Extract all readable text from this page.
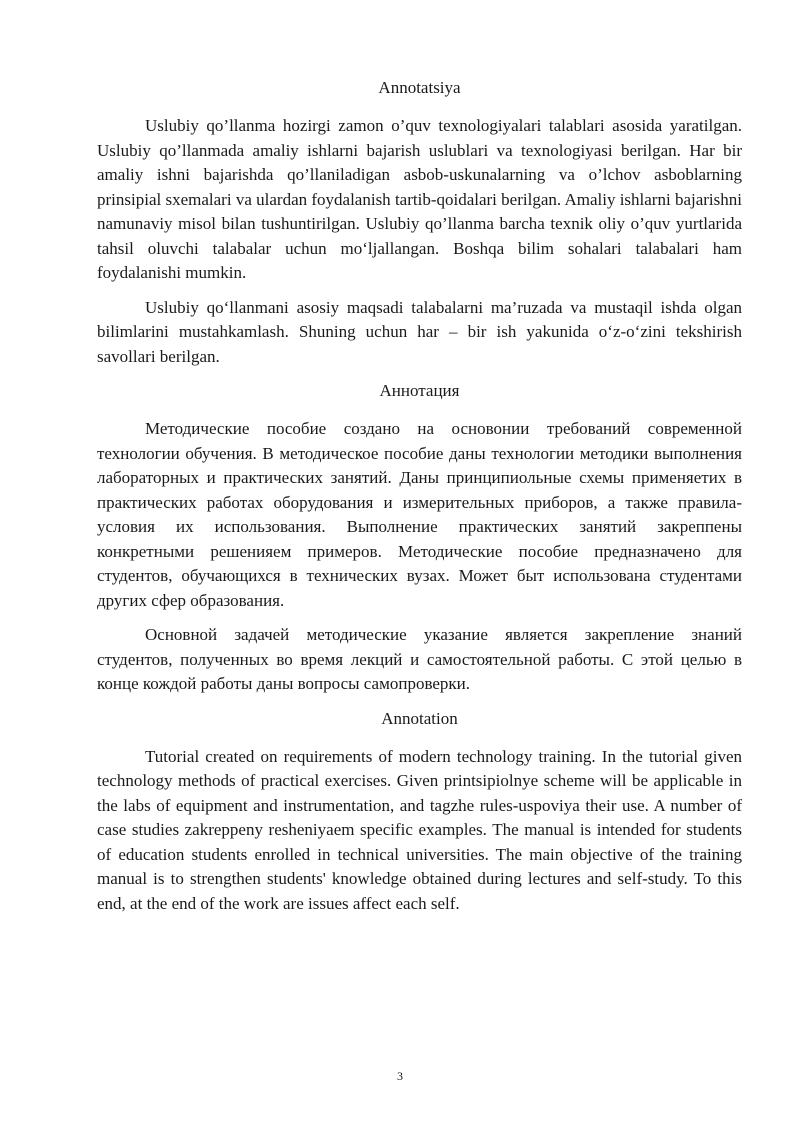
Annotatsiya

Uslubiy qo’llanma hozirgi zamon o’quv texnologiyalari talablari asosida yaratilgan. Uslubiy qo’llanmada amaliy ishlarni bajarish uslublari va texnologiyasi berilgan. Har bir amaliy ishni bajarishda qo’llaniladigan asbob-uskunalarning va o’lchov asboblarning prinsipial sxemalari va ulardan foydalanish tartib-qoidalari berilgan. Amaliy ishlarni bajarishni namunaviy misol bilan tushuntirilgan. Uslubiy qo’llanma barcha texnik oliy o’quv yurtlarida tahsil oluvchi talabalar uchun mo‘ljallangan. Boshqa bilim sohalari talabalari ham foydalanishi mumkin.

Uslubiy qo‘llanmani asosiy maqsadi talabalarni ma’ruzada va mustaqil ishda olgan bilimlarini mustahkamlash. Shuning uchun har – bir ish yakunida o‘z-o‘zini tekshirish savollari berilgan.

Аннотация

Методические пособие создано на основонии требований современной технологии обучения. В методическое пособие даны технологии методики выполнения лабораторных и практических занятий. Даны принципиольные схемы применяетих в практических работах оборудования и измерительных приборов, а также правила-условия их использования. Выполнение практических занятий закреппены конкретными решенияем примеров. Методические пособие предназначено для студентов, обучающихся в технических вузах. Может быт использована студентами других сфер образования.

Основной задачей методические указание является закрепление знаний студентов, полученных во время лекций и самостоятельной работы. С этой целью в конце кождой работы даны вопросы самопроверки.

Annotation

Tutorial created on requirements of modern technology training. In the tutorial given technology methods of practical exercises. Given printsipiolnye scheme will be applicable in the labs of equipment and instrumentation, and tagzhe rules-uspoviya their use. A number of case studies zakreppeny resheniyaem specific examples. The manual is intended for students of education students enrolled in technical universities. The main objective of the training manual is to strengthen students' knowledge obtained during lectures and self-study. To this end, at the end of the work are issues affect each self.

3
